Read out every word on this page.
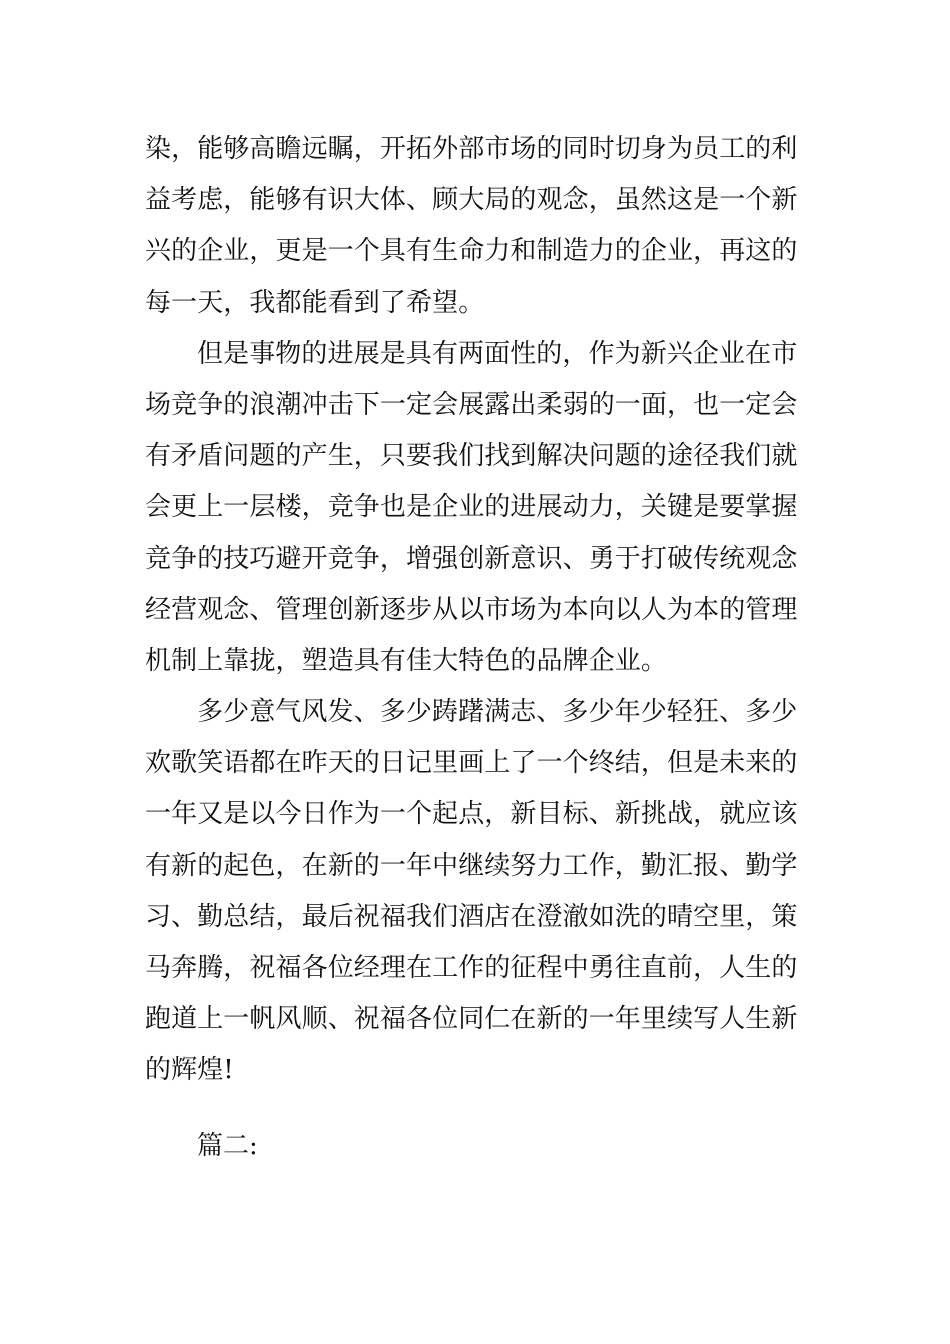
染，能够高瞻远瞩，开拓外部市场的同时切身为员工的利
益考虑，能够有识大体、顾大局的观念，虽然这是一个新
兴的企业，更是一个具有生命力和制造力的企业，再这的
每一天，我都能看到了希望。
但是事物的进展是具有两面性的，作为新兴企业在市
场竞争的浪潮冲击下一定会展露出柔弱的一面，也一定会
有矛盾问题的产生，只要我们找到解决问题的途径我们就
会更上一层楼，竞争也是企业的进展动力，关键是要掌握
竞争的技巧避开竞争，增强创新意识、勇于打破传统观念
经营观念、管理创新逐步从以市场为本向以人为本的管理
机制上靠拢，塑造具有佳大特色的品牌企业。
多少意气风发、多少踌躇满志、多少年少轻狂、多少
欢歌笑语都在昨天的日记里画上了一个终结，但是未来的
一年又是以今日作为一个起点，新目标、新挑战，就应该
有新的起色，在新的一年中继续努力工作，勤汇报、勤学
习、勤总结，最后祝福我们酒店在澄澈如洗的晴空里，策
马奔腾，祝福各位经理在工作的征程中勇往直前，人生的
跑道上一帆风顺、祝福各位同仁在新的一年里续写人生新
的辉煌!
篇二:
